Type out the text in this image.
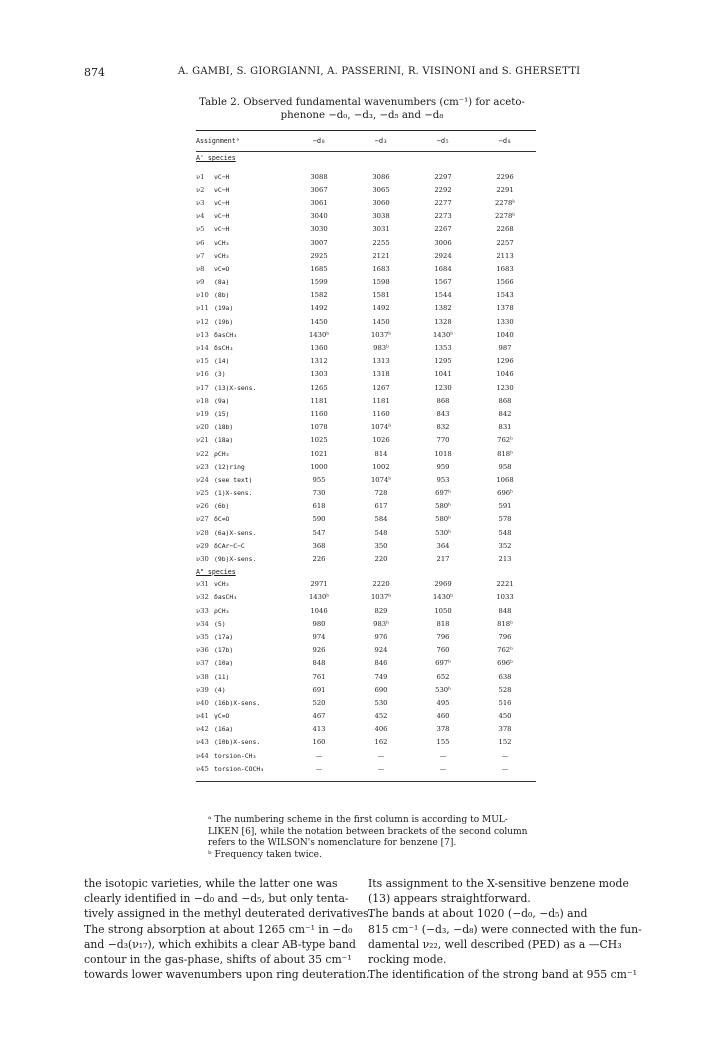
874	A. GAMBI, S. GIORGIANNI, A. PASSERINI, R. VISINONI and S. GHERSETTI
Table 2. Observed fundamental wavenumbers (cm⁻¹) for aceto-
phenone −d₀, −d₃, −d₅ and −d₈
Assignmentᵃ	−d₀	−d₃	−d₅	−d₈
A' species
ν1	νC−H	3088	3086	2297	2296
ν2	νC−H	3067	3065	2292	2291
ν3	νC−H	3061	3060	2277	2278ᵇ
ν4	νC−H	3040	3038	2273	2278ᵇ
ν5	νC−H	3030	3031	2267	2268
ν6	νCH₃	3007	2255	3006	2257
ν7	νCH₃	2925	2121	2924	2113
ν8	νC=O	1685	1683	1684	1683
ν9	(8a)	1599	1598	1567	1566
ν10 (8b)	1582	1581	1544	1543
ν11 (19a)	1492	1492	1382	1378
ν12 (19b)	1450	1450	1328	1330
ν13 δasCH₃	1430ᵇ	1037ᵇ	1430ᵇ	1040
ν14 δsCH₃	1360	983ᵇ	1353	987
ν15 (14)	1312	1313	1295	1296
ν16 (3)	1303	1318	1041	1046
ν17 (13)X-sens.	1265	1267	1230	1230
ν18 (9a)	1181	1181	868	868
ν19 (15)	1160	1160	843	842
ν20 (18b)	1078	1074ᵇ	832	831
ν21 (18a)	1025	1026	770	762ᵇ
ν22 ρCH₃	1021	814	1018	818ᵇ
ν23 (12)ring	1000	1002	959	958
ν24 (see text)	955	1074ᵇ	953	1068
ν25 (1)X-sens.	730	728	697ᵇ	696ᵇ
ν26 (6b)	618	617	580ᵇ	591
ν27 δC=O	590	584	580ᵇ	578
ν28 (6a)X-sens.	547	548	530ᵇ	548
ν29 δCAr−C−C	368	350	364	352
ν30 (9b)X-sens.	226	220	217	213
A" species
ν31 νCH₃	2971	2220	2969	2221
ν32 δasCH₃	1430ᵇ	1037ᵇ	1430ᵇ	1033
ν33 ρCH₃	1046	829	1050	848
ν34 (5)	980	983ᵇ	818	818ᵇ
ν35 (17a)	974	976	796	796
ν36 (17b)	926	924	760	762ᵇ
ν37 (10a)	848	846	697ᵇ	696ᵇ
ν38 (11)	761	749	652	638
ν39 (4)	691	690	530ᵇ	528
ν40 (16b)X-sens.	520	530	495	516
ν41 γC=O	467	452	460	450
ν42 (16a)	413	406	378	378
ν43 (10b)X-sens.	160	162	155	152
ν44 torsion-CH₃	—	—	—	—
ν45 torsion-COCH₃	—	—	—	—
ᵃ The numbering scheme in the first column is according to MUL-
LIKEN [6], while the notation between brackets of the second column
refers to the WILSON's nomenclature for benzene [7].
ᵇ Frequency taken twice.
the isotopic varieties, while the latter one was
clearly identified in −d₀ and −d₅, but only tenta-
tively assigned in the methyl deuterated derivatives.
The strong absorption at about 1265 cm⁻¹ in −d₀
and −d₃(ν₁₇), which exhibits a clear AB-type band
contour in the gas-phase, shifts of about 35 cm⁻¹
towards lower wavenumbers upon ring deuteration.
Its assignment to the X-sensitive benzene mode
(13) appears straightforward.
The bands at about 1020 (−d₀, −d₅) and
815 cm⁻¹ (−d₃, −d₈) were connected with the fun-
damental ν₂₂, well described (PED) as a —CH₃
rocking mode.
The identification of the strong band at 955 cm⁻¹
